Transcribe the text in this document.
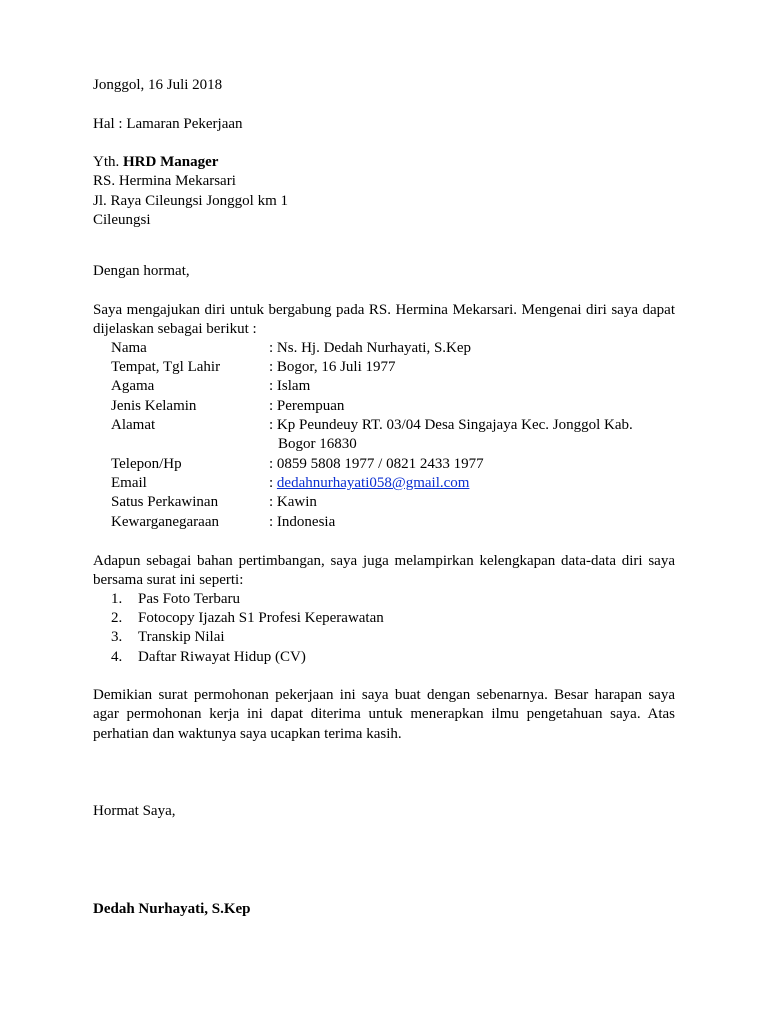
Jonggol, 16 Juli 2018
Hal : Lamaran Pekerjaan
Yth. HRD Manager
RS. Hermina Mekarsari
Jl. Raya Cileungsi Jonggol km 1
Cileungsi
Dengan hormat,

Saya mengajukan diri untuk bergabung pada RS. Hermina Mekarsari. Mengenai diri saya dapat dijelaskan sebagai berikut :

Nama	: Ns. Hj. Dedah Nurhayati, S.Kep
Tempat, Tgl Lahir	: Bogor, 16 Juli 1977
Agama	: Islam
Jenis Kelamin	: Perempuan
Alamat	: Kp Peundeuy RT. 03/04 Desa Singajaya Kec. Jonggol Kab.
Bogor 16830
Telepon/Hp	: 0859 5808 1977 / 0821 2433 1977
Email	: dedahnurhayati058@gmail.com
Satus Perkawinan	: Kawin
Kewarganegaraan	: Indonesia

Adapun sebagai bahan pertimbangan, saya juga melampirkan kelengkapan data-data diri saya bersama surat ini seperti:

1. Pas Foto Terbaru
2. Fotocopy Ijazah S1 Profesi Keperawatan
3. Transkip Nilai
4. Daftar Riwayat Hidup (CV)

Demikian surat permohonan pekerjaan ini saya buat dengan sebenarnya. Besar harapan saya agar permohonan kerja ini dapat diterima untuk menerapkan ilmu pengetahuan saya. Atas perhatian dan waktunya saya ucapkan terima kasih.

Hormat Saya,
Dedah Nurhayati, S.Kep
